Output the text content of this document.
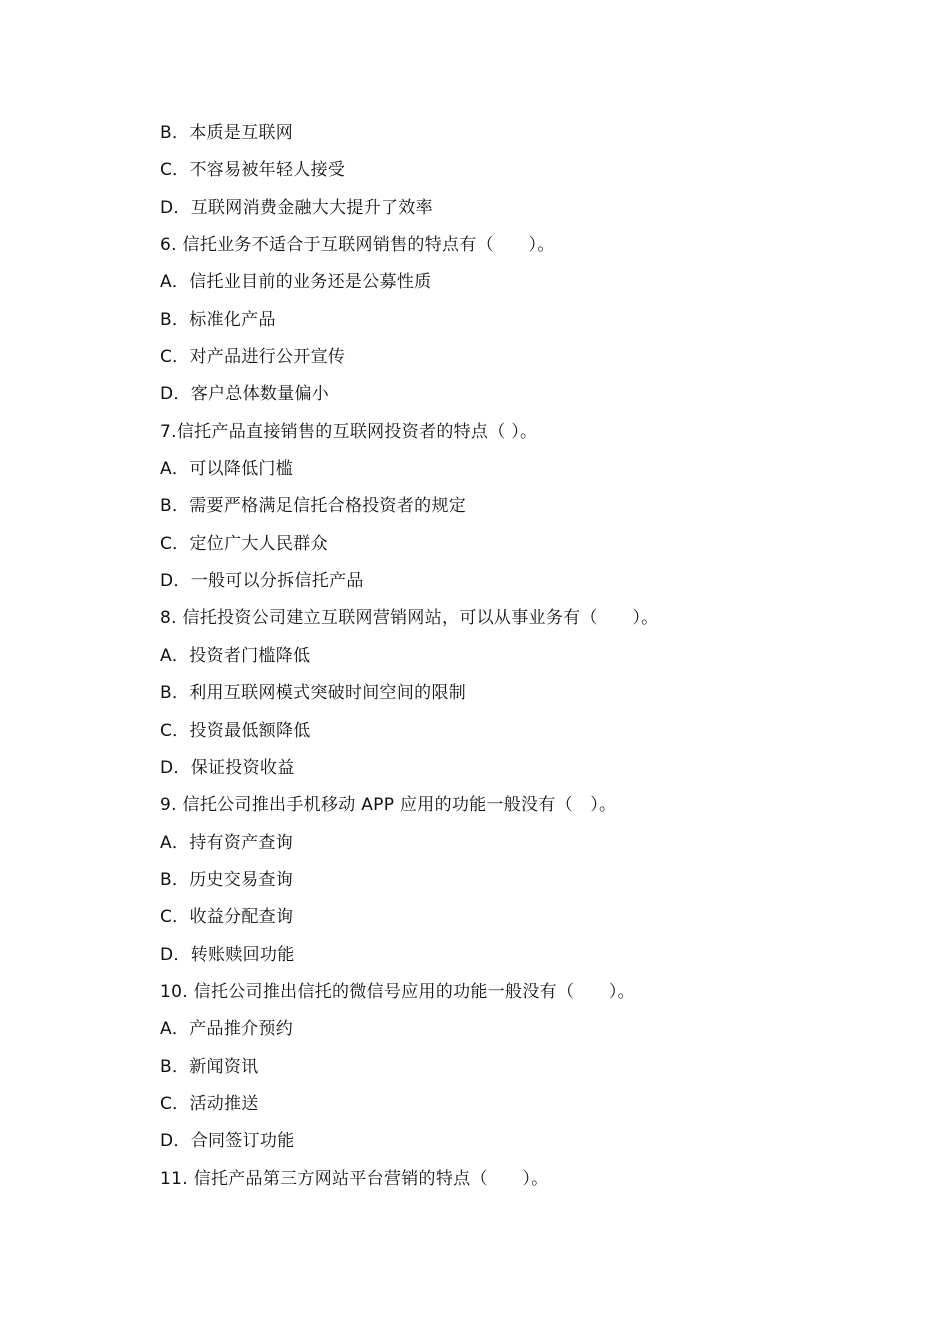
B．本质是互联网
C．不容易被年轻人接受
D．互联网消费金融大大提升了效率
6. 信托业务不适合于互联网销售的特点有（　　）。
A．信托业目前的业务还是公募性质
B．标准化产品
C．对产品进行公开宣传
D．客户总体数量偏小
7.信托产品直接销售的互联网投资者的特点（ ）。
A．可以降低门槛
B．需要严格满足信托合格投资者的规定
C．定位广大人民群众
D．一般可以分拆信托产品
8. 信托投资公司建立互联网营销网站，可以从事业务有（　　）。
A．投资者门槛降低
B．利用互联网模式突破时间空间的限制
C．投资最低额降低
D．保证投资收益
9. 信托公司推出手机移动 APP 应用的功能一般没有（　）。
A．持有资产查询
B．历史交易查询
C．收益分配查询
D．转账赎回功能
10. 信托公司推出信托的微信号应用的功能一般没有（　　）。
A．产品推介预约
B．新闻资讯
C．活动推送
D．合同签订功能
11. 信托产品第三方网站平台营销的特点（　　）。
